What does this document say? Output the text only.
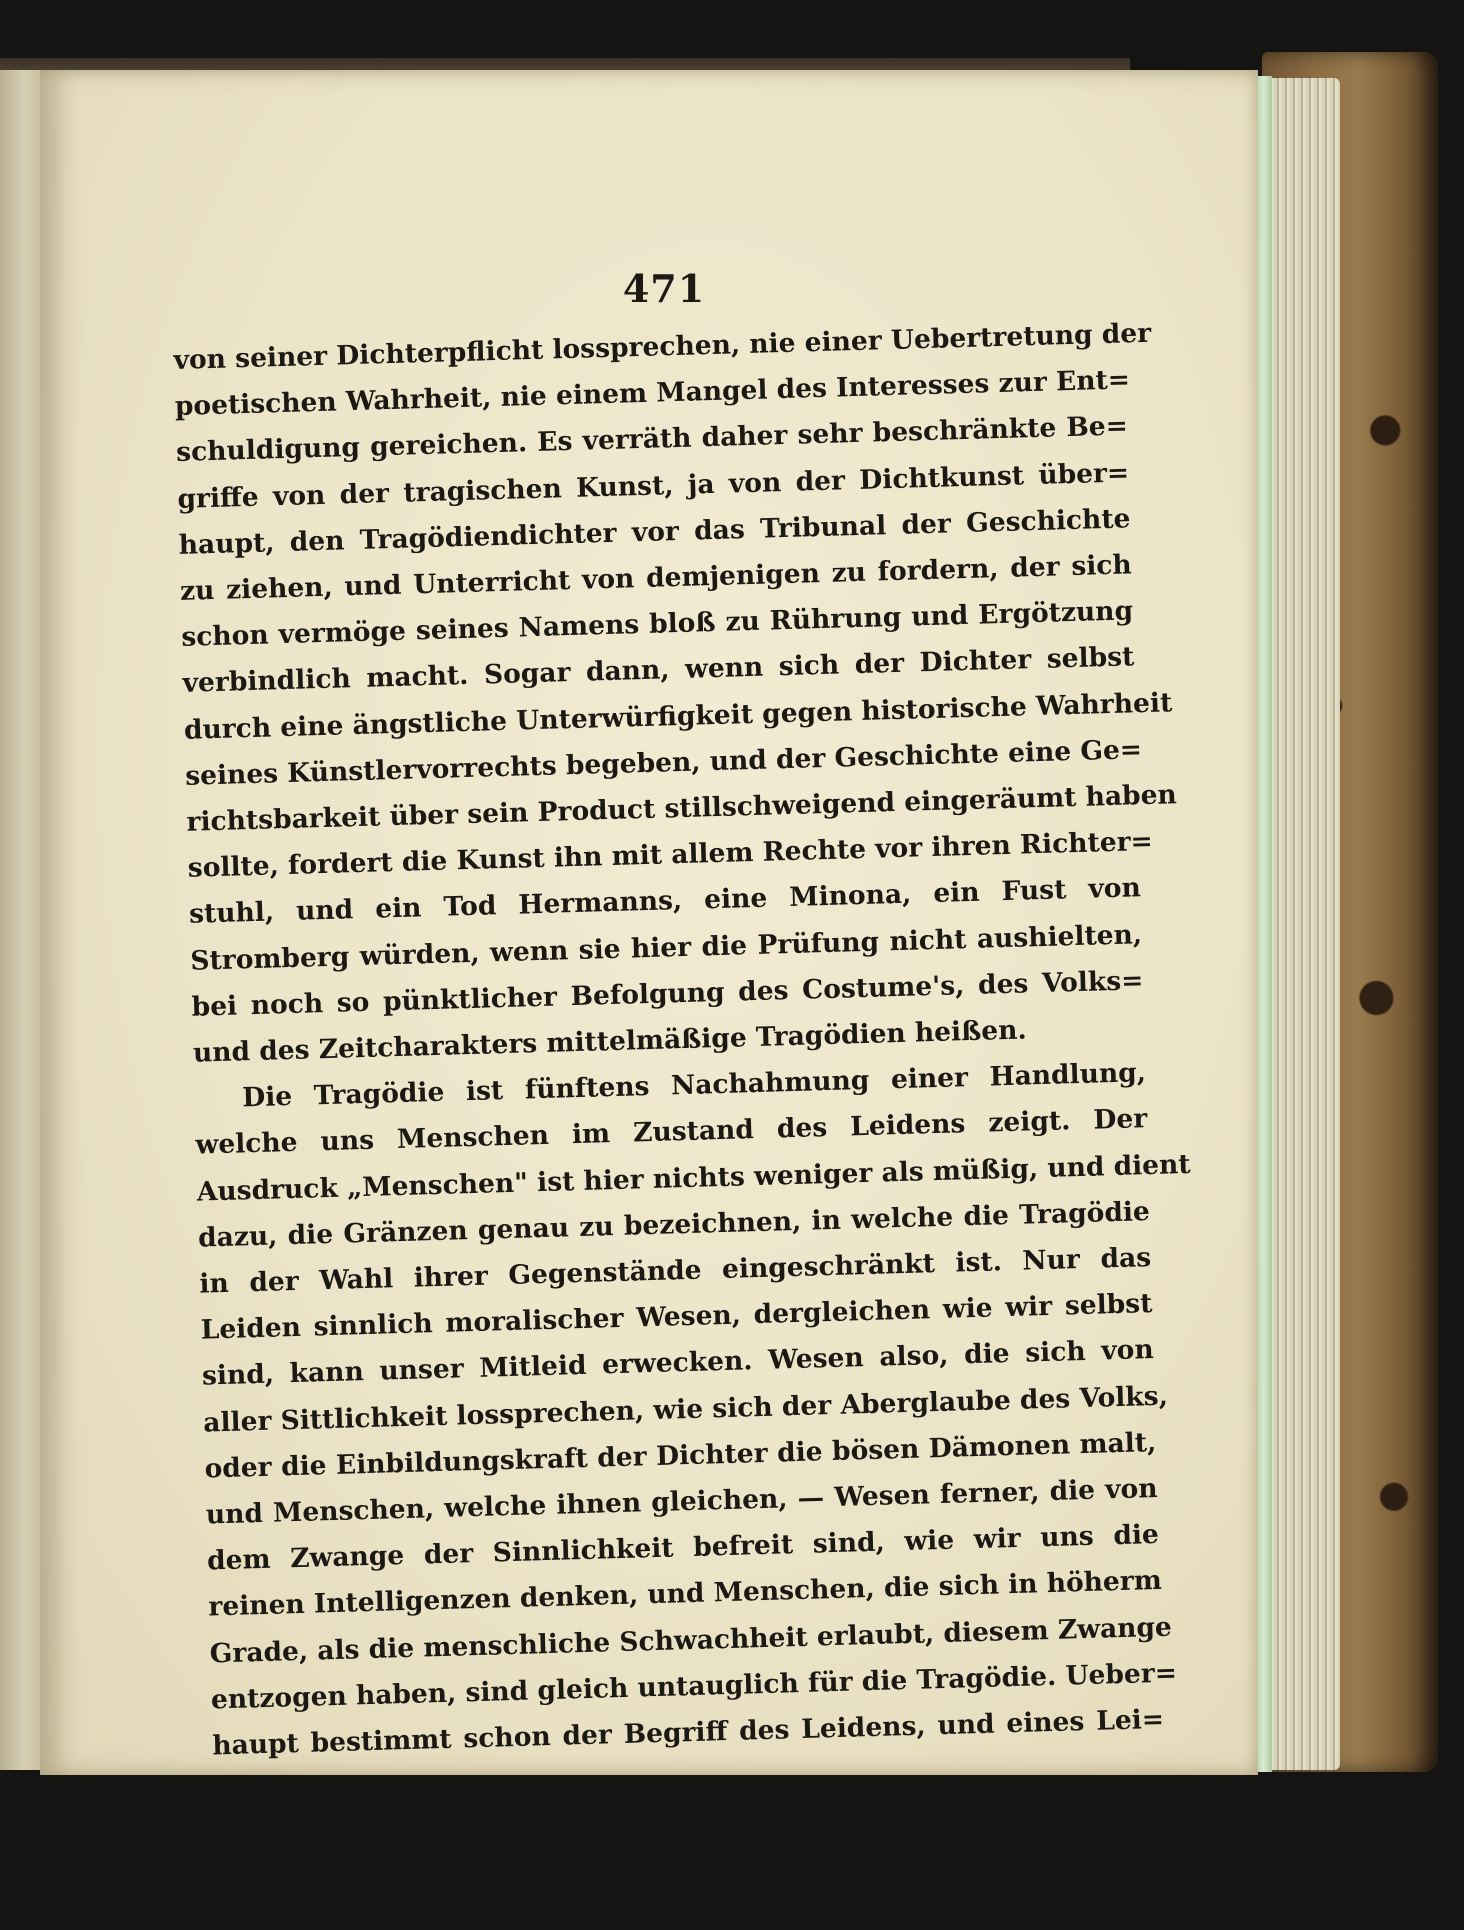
471
von seiner Dichterpflicht lossprechen, nie einer Uebertretung der
poetischen Wahrheit, nie einem Mangel des Interesses zur Ent=
schuldigung gereichen. Es verräth daher sehr beschränkte Be=
griffe von der tragischen Kunst, ja von der Dichtkunst über=
haupt, den Tragödiendichter vor das Tribunal der Geschichte
zu ziehen, und Unterricht von demjenigen zu fordern, der sich
schon vermöge seines Namens bloß zu Rührung und Ergötzung
verbindlich macht. Sogar dann, wenn sich der Dichter selbst
durch eine ängstliche Unterwürfigkeit gegen historische Wahrheit
seines Künstlervorrechts begeben, und der Geschichte eine Ge=
richtsbarkeit über sein Product stillschweigend eingeräumt haben
sollte, fordert die Kunst ihn mit allem Rechte vor ihren Richter=
stuhl, und ein Tod Hermanns, eine Minona, ein Fust von
Stromberg würden, wenn sie hier die Prüfung nicht aushielten,
bei noch so pünktlicher Befolgung des Costume's, des Volks=
und des Zeitcharakters mittelmäßige Tragödien heißen.
Die Tragödie ist fünftens Nachahmung einer Handlung,
welche uns Menschen im Zustand des Leidens zeigt. Der
Ausdruck „Menschen" ist hier nichts weniger als müßig, und dient
dazu, die Gränzen genau zu bezeichnen, in welche die Tragödie
in der Wahl ihrer Gegenstände eingeschränkt ist. Nur das
Leiden sinnlich moralischer Wesen, dergleichen wie wir selbst
sind, kann unser Mitleid erwecken. Wesen also, die sich von
aller Sittlichkeit lossprechen, wie sich der Aberglaube des Volks,
oder die Einbildungskraft der Dichter die bösen Dämonen malt,
und Menschen, welche ihnen gleichen, — Wesen ferner, die von
dem Zwange der Sinnlichkeit befreit sind, wie wir uns die
reinen Intelligenzen denken, und Menschen, die sich in höherm
Grade, als die menschliche Schwachheit erlaubt, diesem Zwange
entzogen haben, sind gleich untauglich für die Tragödie. Ueber=
haupt bestimmt schon der Begriff des Leidens, und eines Lei=
